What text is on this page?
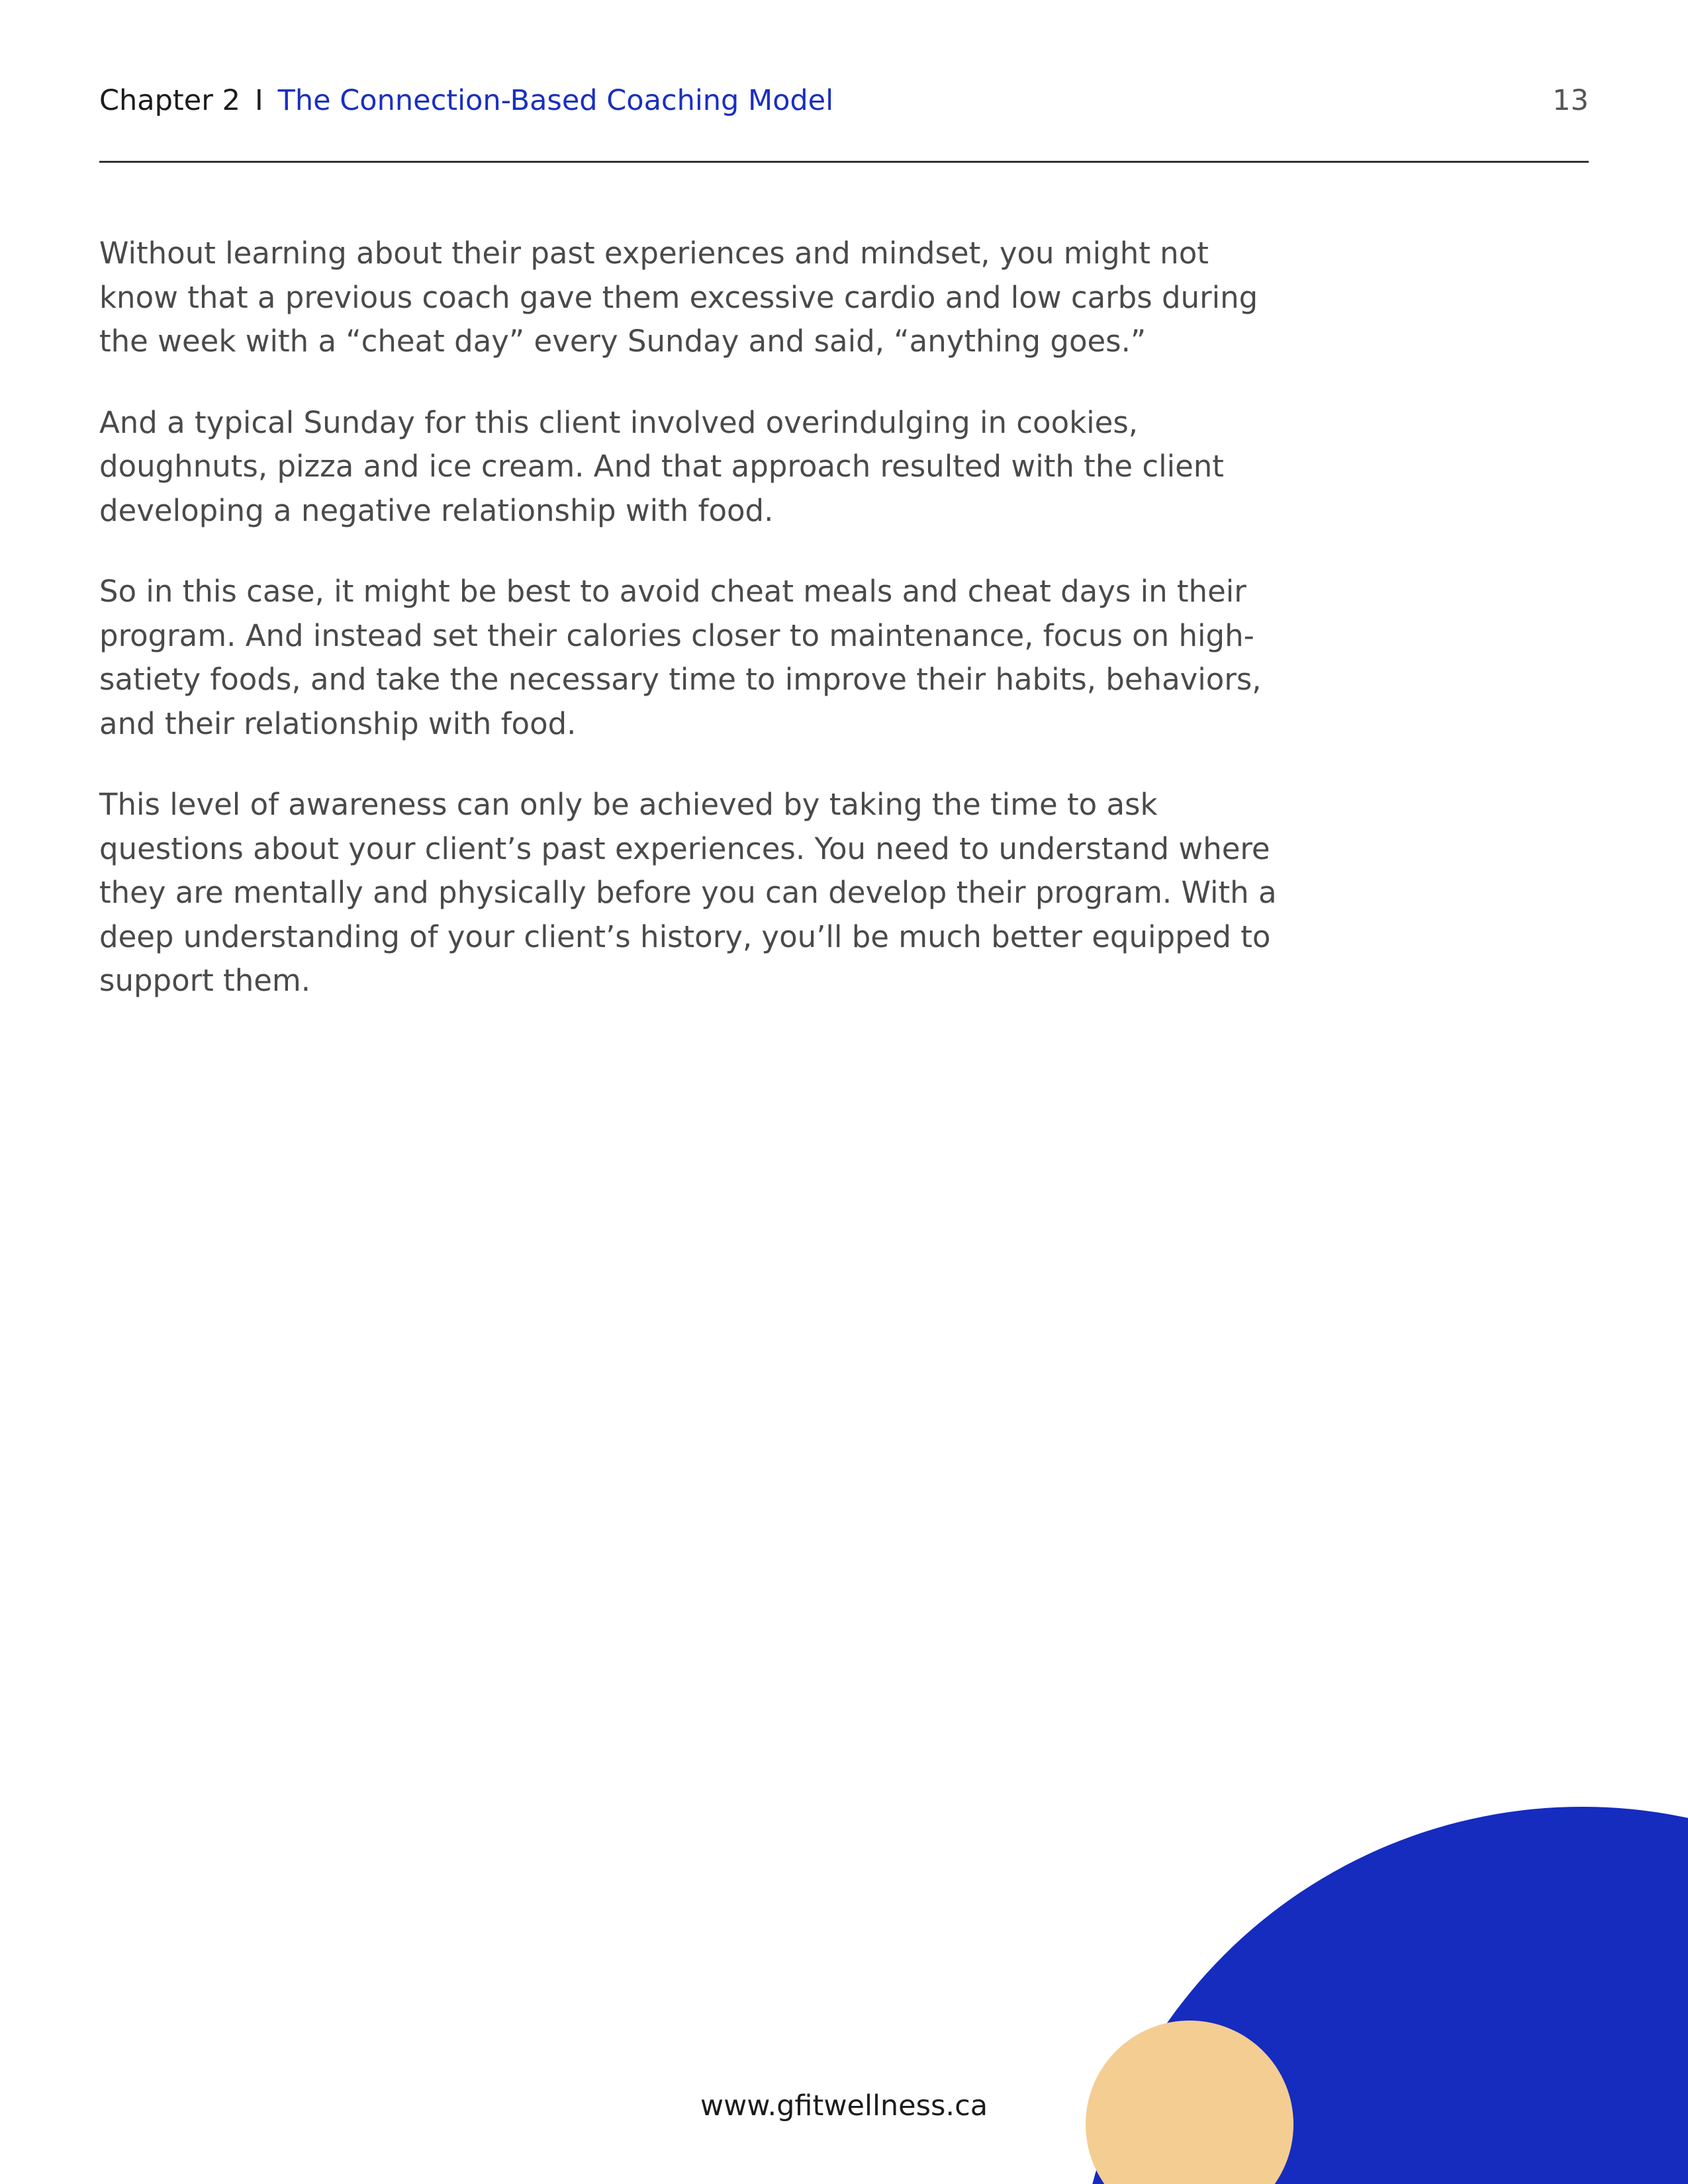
Chapter 2 I The Connection-Based Coaching Model	13

Without learning about their past experiences and mindset, you might not know that a previous coach gave them excessive cardio and low carbs during the week with a “cheat day” every Sunday and said, “anything goes.”

And a typical Sunday for this client involved overindulging in cookies, doughnuts, pizza and ice cream. And that approach resulted with the client developing a negative relationship with food.

So in this case, it might be best to avoid cheat meals and cheat days in their program. And instead set their calories closer to maintenance, focus on high-satiety foods, and take the necessary time to improve their habits, behaviors, and their relationship with food.

This level of awareness can only be achieved by taking the time to ask questions about your client’s past experiences. You need to understand where they are mentally and physically before you can develop their program. With a deep understanding of your client’s history, you’ll be much better equipped to support them.

www.gfitwellness.ca
